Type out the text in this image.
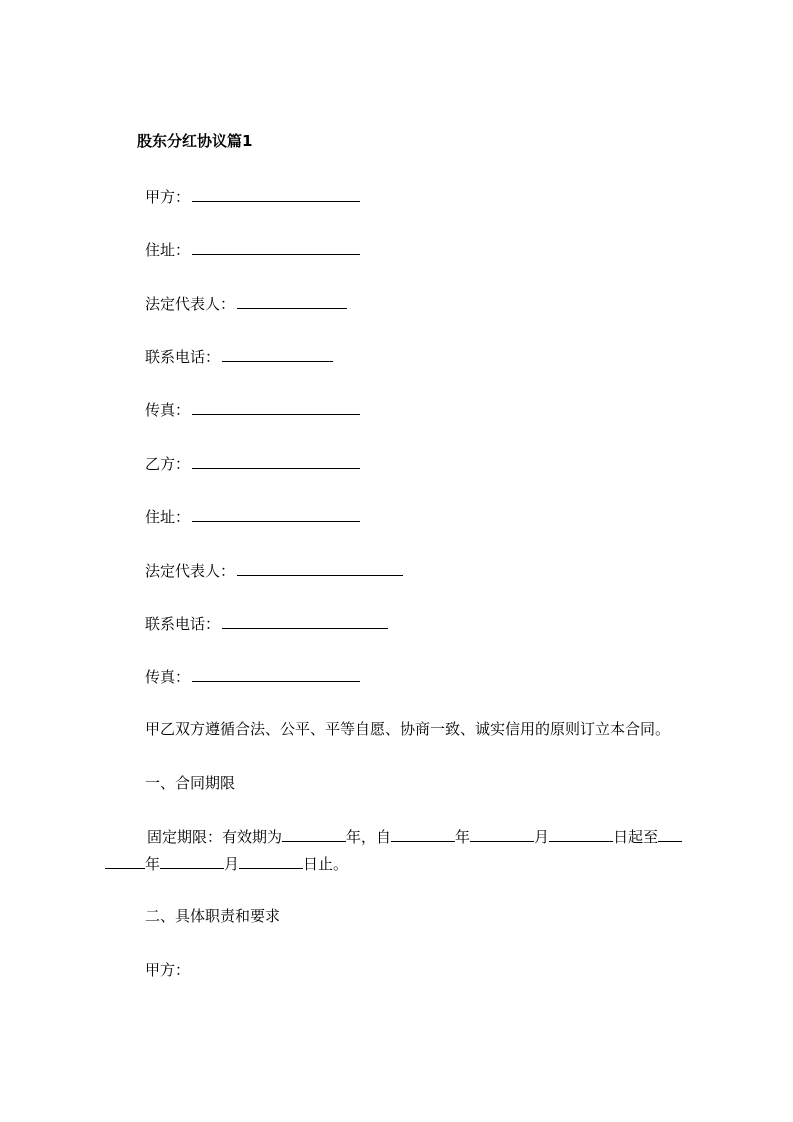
股东分红协议篇1
甲方：
住址：
法定代表人：
联系电话：
传真：
乙方：
住址：
法定代表人：
联系电话：
传真：
甲乙双方遵循合法、公平、平等自愿、协商一致、诚实信用的原则订立本合同。
一、合同期限
固定期限：有效期为	年，自	年	月	日起至
年	月	日止。
二、具体职责和要求
甲方：
